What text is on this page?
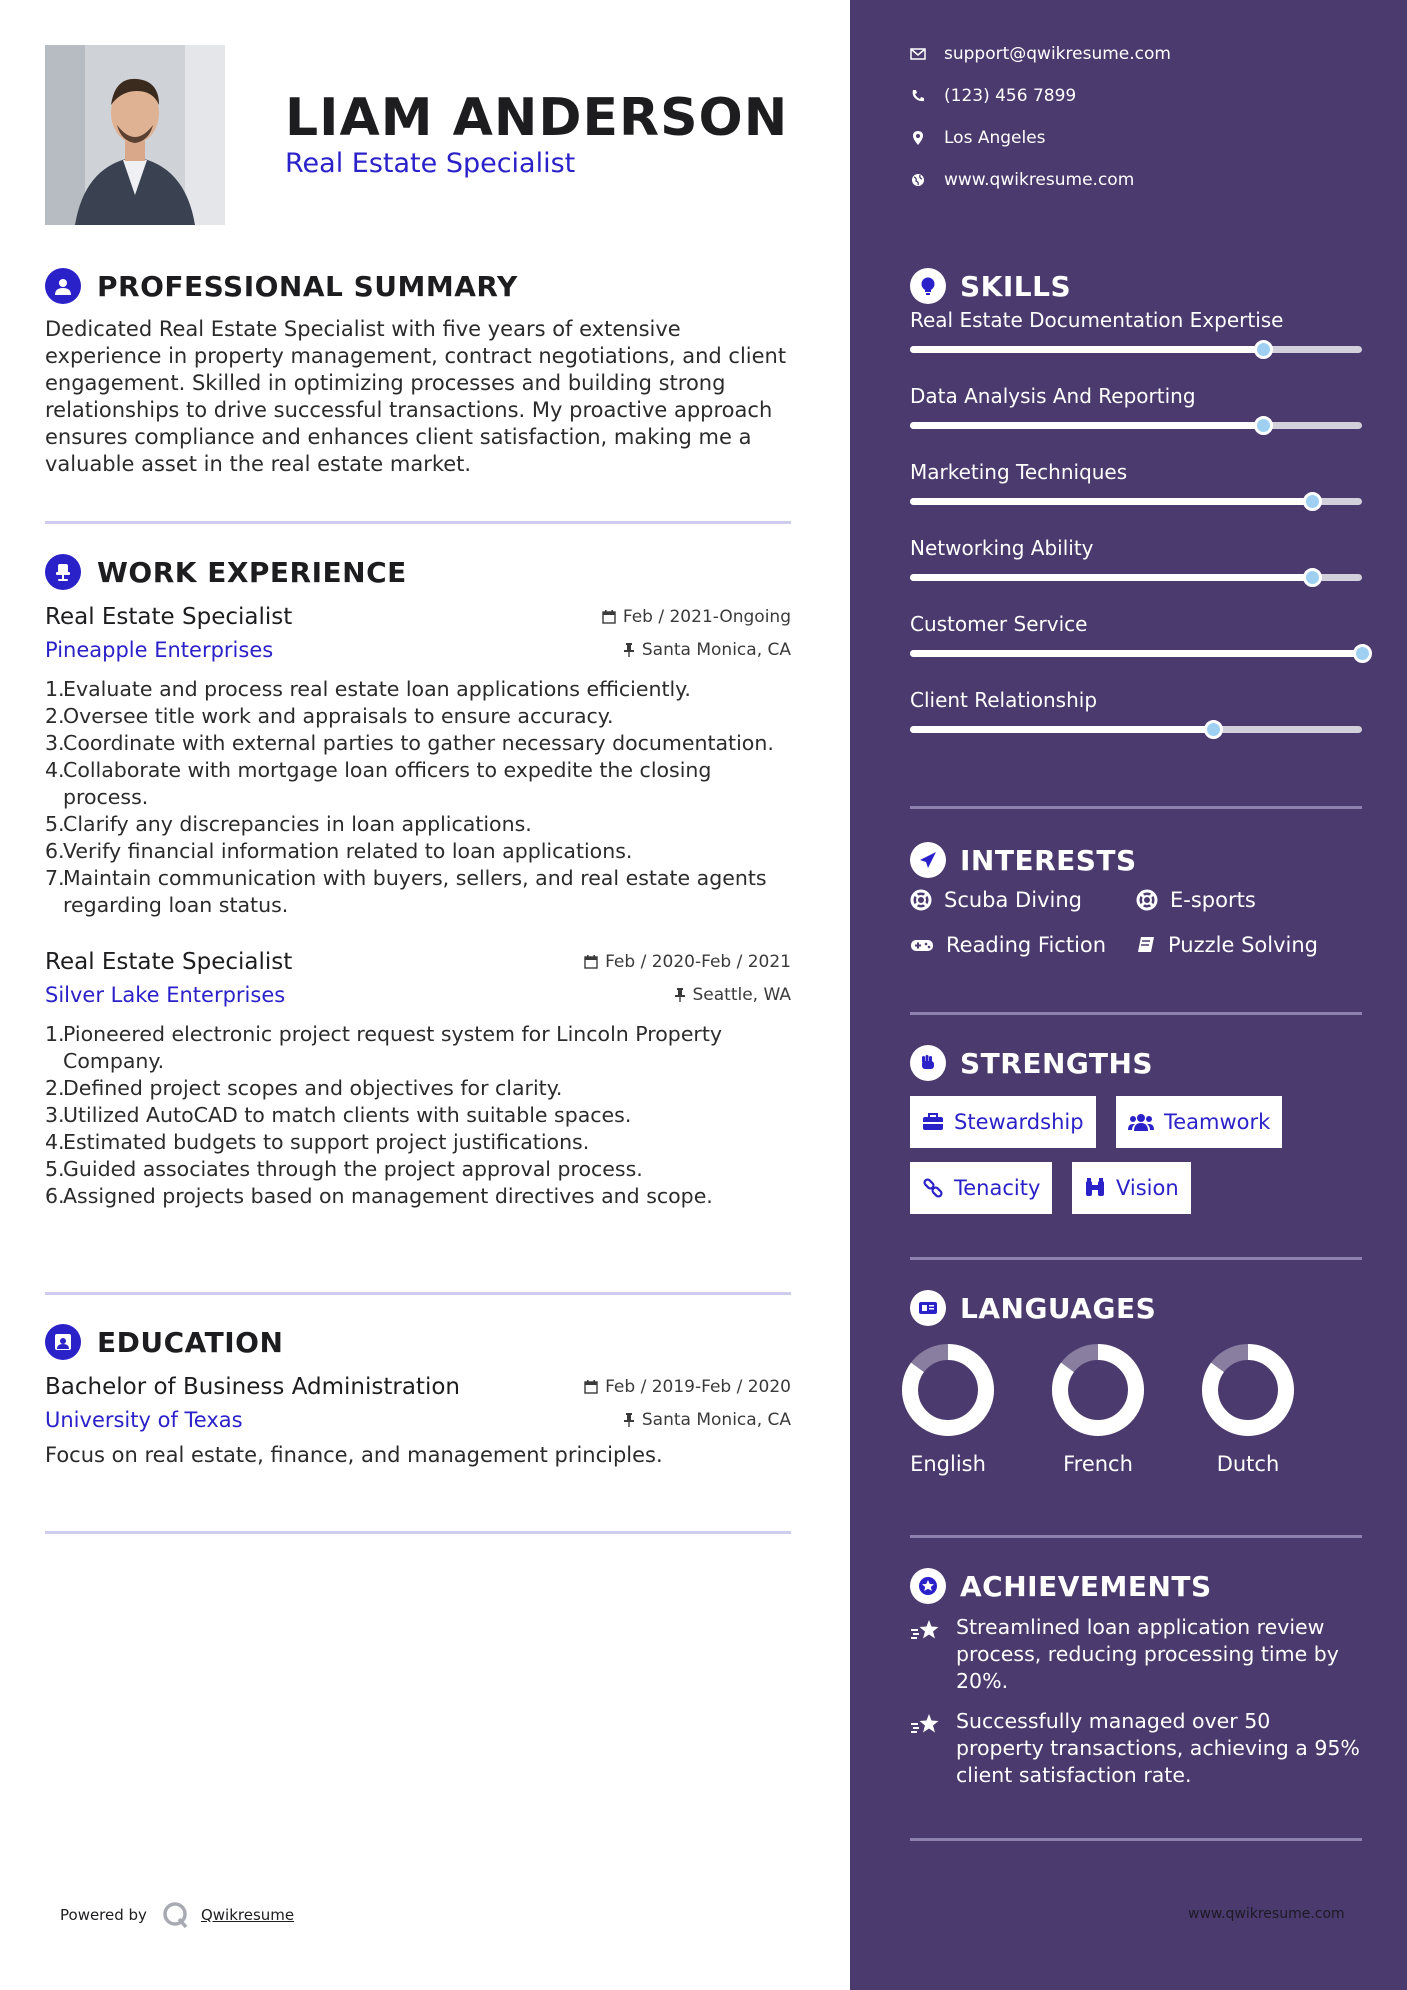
LIAM ANDERSON
Real Estate Specialist
PROFESSIONAL SUMMARY
Dedicated Real Estate Specialist with five years of extensive experience in property management, contract negotiations, and client engagement. Skilled in optimizing processes and building strong relationships to drive successful transactions. My proactive approach ensures compliance and enhances client satisfaction, making me a valuable asset in the real estate market.
WORK EXPERIENCE
Real Estate Specialist	Feb / 2021-Ongoing
Pineapple Enterprises	Santa Monica, CA
1.
Evaluate and process real estate loan applications efficiently.
2.
Oversee title work and appraisals to ensure accuracy.
3.
Coordinate with external parties to gather necessary documentation.
4.
Collaborate with mortgage loan officers to expedite the closing process.
5.
Clarify any discrepancies in loan applications.
6.
Verify financial information related to loan applications.
7.
Maintain communication with buyers, sellers, and real estate agents regarding loan status.
Real Estate Specialist	Feb / 2020-Feb / 2021
Silver Lake Enterprises	Seattle, WA
1.
Pioneered electronic project request system for Lincoln Property Company.
2.
Defined project scopes and objectives for clarity.
3.
Utilized AutoCAD to match clients with suitable spaces.
4.
Estimated budgets to support project justifications.
5.
Guided associates through the project approval process.
6.
Assigned projects based on management directives and scope.
EDUCATION
Bachelor of Business Administration	Feb / 2019-Feb / 2020
University of Texas	Santa Monica, CA
Focus on real estate, finance, and management principles.
Powered by	Qwikresume
support@qwikresume.com
(123) 456 7899
Los Angeles
www.qwikresume.com
SKILLS
Real Estate Documentation Expertise
Data Analysis And Reporting
Marketing Techniques
Networking Ability
Customer Service
Client Relationship
INTERESTS
Scuba Diving	E-sports
Reading Fiction	Puzzle Solving
STRENGTHS
Stewardship	Teamwork
Tenacity	Vision
LANGUAGES
English	French	Dutch
ACHIEVEMENTS
Streamlined loan application review process, reducing processing time by 20%.
Successfully managed over 50 property transactions, achieving a 95% client satisfaction rate.
www.qwikresume.com
